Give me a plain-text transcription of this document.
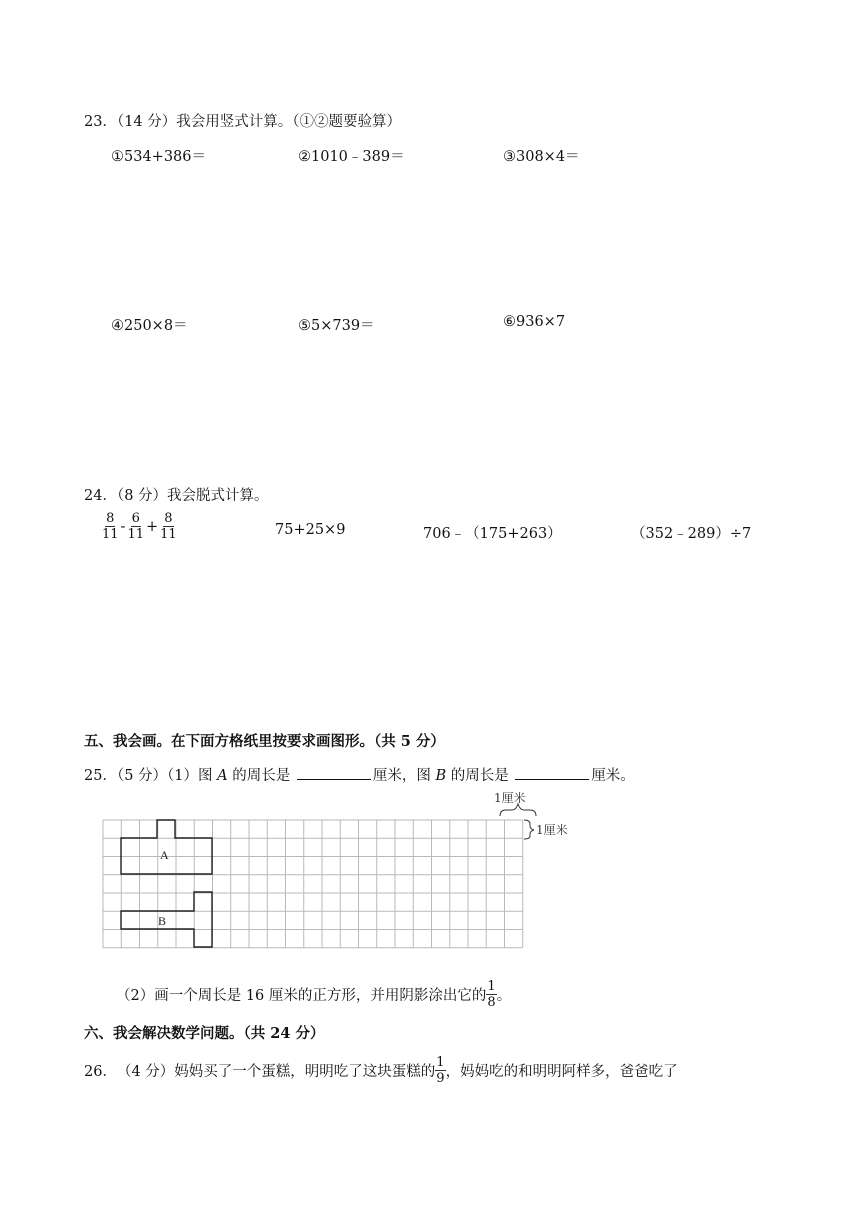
23．（14 分）我会用竖式计算。（①②题要验算）
①534+386＝	②1010﹣389＝	③308×4＝
④250×8＝	⑤5×739＝	⑥936×7
24．（8 分）我会脱式计算。
$\frac{8}{11} - \frac{6}{11} + \frac{8}{11}$	75+25×9	706﹣（175+263）	（352﹣289）÷7
五、我会画。在下面方格纸里按要求画图形。（共 5 分）
25．（5 分）（1）图 A 的周长是	厘米，图 B 的周长是	厘米。
A
B
1厘米
1厘米
（2）画一个周长是 16 厘米的正方形，并用阴影涂出它的 $\frac{1}{8}$ 。
六、我会解决数学问题。（共 24 分）
26． （4 分）妈妈买了一个蛋糕，明明吃了这块蛋糕的 $\frac{1}{9}$ ，妈妈吃的和明明阿样多，爸爸吃了
